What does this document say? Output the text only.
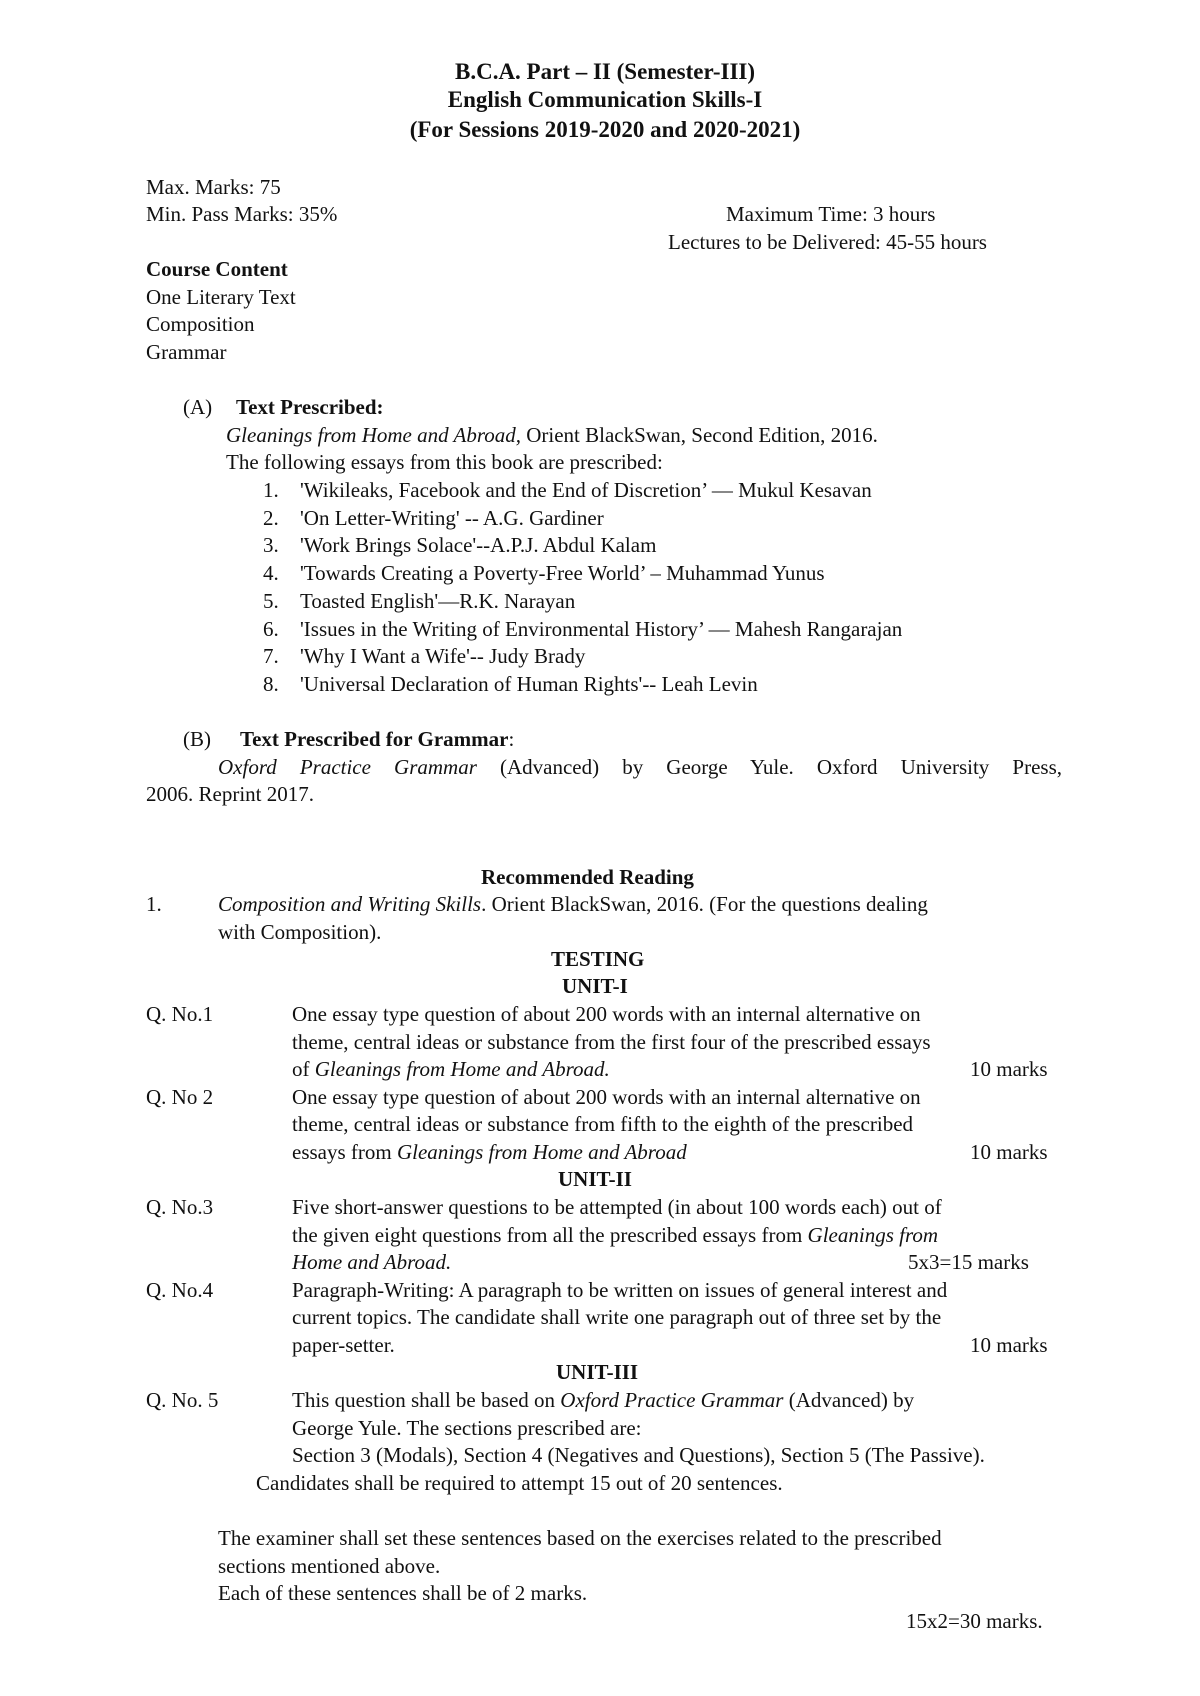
B.C.A. Part – II (Semester-III)
English Communication Skills-I
(For Sessions 2019-2020 and 2020-2021)
Max. Marks: 75
Min. Pass Marks: 35%	Maximum Time: 3 hours
Lectures to be Delivered: 45-55 hours
Course Content
One Literary Text
Composition
Grammar
(A) Text Prescribed:
Gleanings from Home and Abroad, Orient BlackSwan, Second Edition, 2016.
The following essays from this book are prescribed:
1. 'Wikileaks, Facebook and the End of Discretion’ — Mukul Kesavan
2. 'On Letter-Writing' -- A.G. Gardiner
3. 'Work Brings Solace'--A.P.J. Abdul Kalam
4. 'Towards Creating a Poverty-Free World’ – Muhammad Yunus
5. Toasted English'—R.K. Narayan
6. 'Issues in the Writing of Environmental History’ — Mahesh Rangarajan
7. 'Why I Want a Wife'-- Judy Brady
8. 'Universal Declaration of Human Rights'-- Leah Levin
(B) Text Prescribed for Grammar:
Oxford Practice Grammar (Advanced) by George Yule. Oxford University Press,
2006. Reprint 2017.
Recommended Reading
1.	Composition and Writing Skills. Orient BlackSwan, 2016. (For the questions dealing
with Composition).
TESTING
UNIT-I
Q. No.1	One essay type question of about 200 words with an internal alternative on
theme, central ideas or substance from the first four of the prescribed essays
of Gleanings from Home and Abroad.	10 marks
Q. No 2	One essay type question of about 200 words with an internal alternative on
theme, central ideas or substance from fifth to the eighth of the prescribed
essays from Gleanings from Home and Abroad	10 marks
UNIT-II
Q. No.3	Five short-answer questions to be attempted (in about 100 words each) out of
the given eight questions from all the prescribed essays from Gleanings from
Home and Abroad.	5x3=15 marks
Q. No.4	Paragraph-Writing: A paragraph to be written on issues of general interest and
current topics. The candidate shall write one paragraph out of three set by the
paper-setter.	10 marks
UNIT-III
Q. No. 5	This question shall be based on Oxford Practice Grammar (Advanced) by
George Yule. The sections prescribed are:
Section 3 (Modals), Section 4 (Negatives and Questions), Section 5 (The Passive).
Candidates shall be required to attempt 15 out of 20 sentences.
The examiner shall set these sentences based on the exercises related to the prescribed
sections mentioned above.
Each of these sentences shall be of 2 marks.
15x2=30 marks.
